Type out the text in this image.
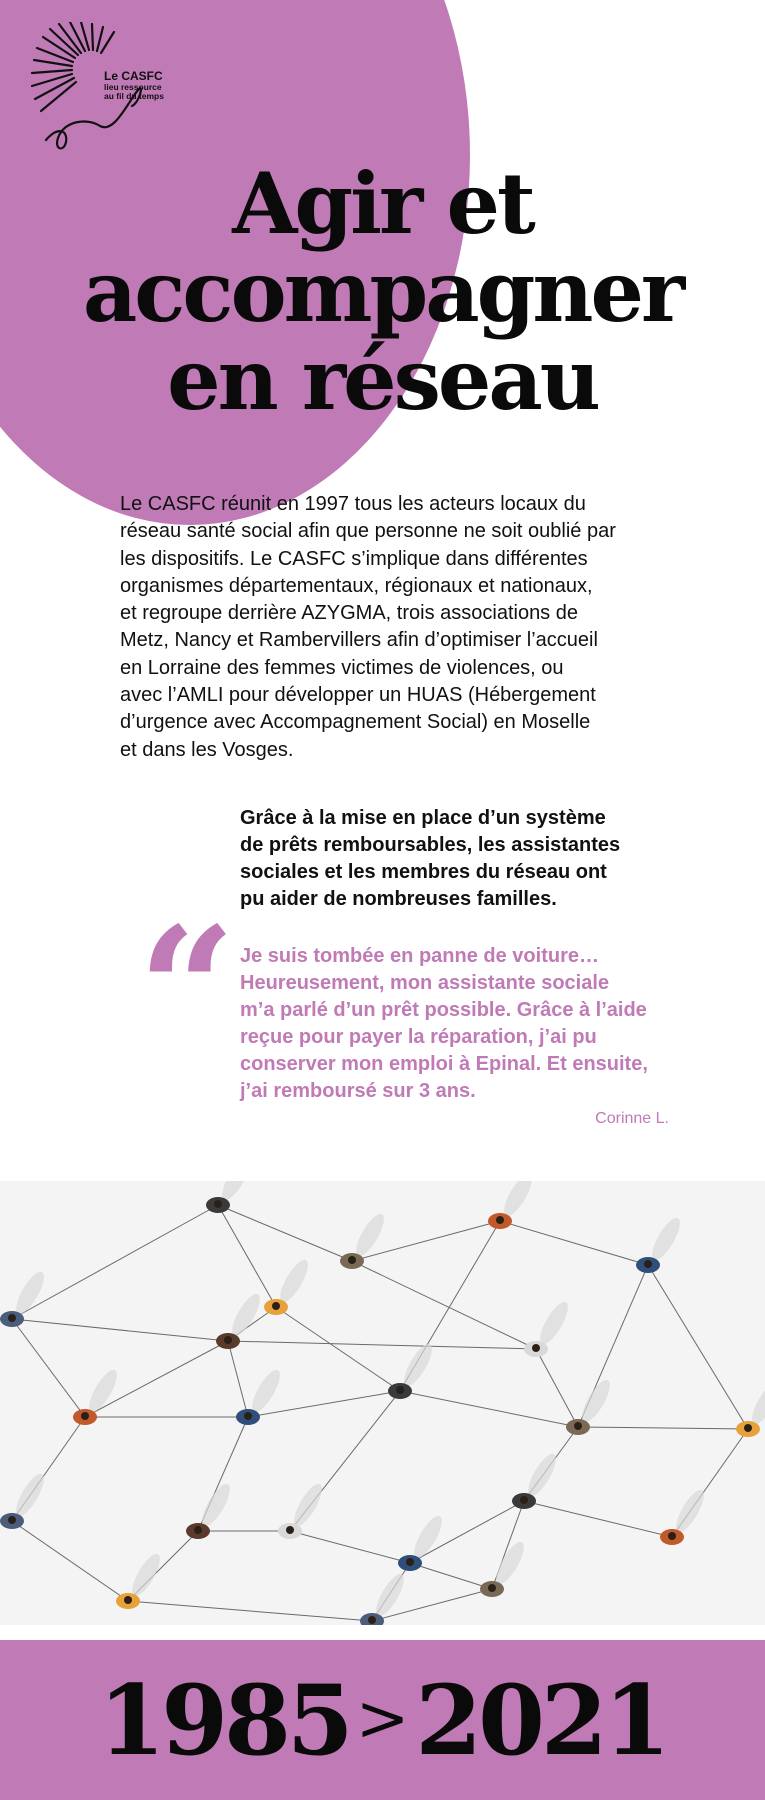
Le CASFC
lieu ressource
au fil du temps
Agir et
accompagner
en réseau
Le CASFC réunit en 1997 tous les acteurs locaux du
réseau santé social afin que personne ne soit oublié par
les dispositifs. Le CASFC s’implique dans différentes
organismes départementaux, régionaux et nationaux,
et regroupe derrière AZYGMA, trois associations de
Metz, Nancy et Rambervillers afin d’optimiser l’accueil
en Lorraine des femmes victimes de violences, ou
avec l’AMLI pour développer un HUAS (Hébergement
d’urgence avec Accompagnement Social) en Moselle
et dans les Vosges.
Grâce à la mise en place d’un système
de prêts remboursables, les assistantes
sociales et les membres du réseau ont
pu aider de nombreuses familles.
“ Je suis tombée en panne de voiture…
Heureusement, mon assistante sociale
m’a parlé d’un prêt possible. Grâce à l’aide
reçue pour payer la réparation, j’ai pu
conserver mon emploi à Epinal. Et ensuite,
j’ai remboursé sur 3 ans.
Corinne L.
1985>2021
